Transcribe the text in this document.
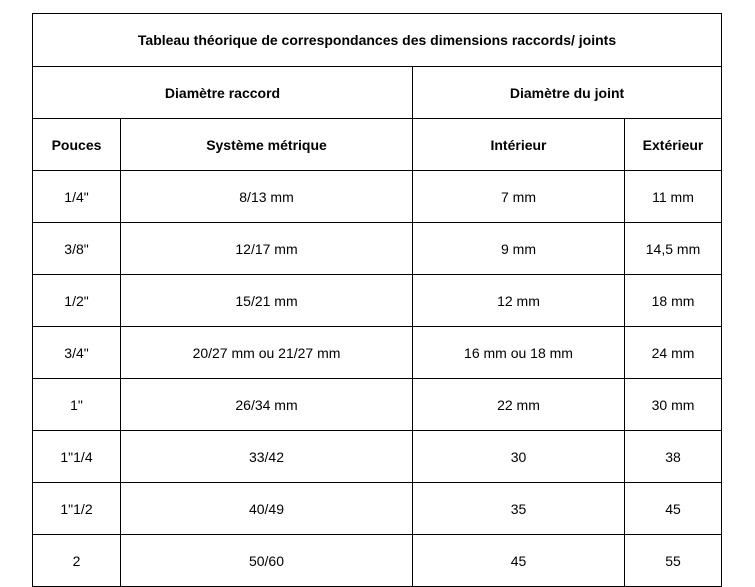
Tableau théorique de correspondances des dimensions raccords/ joints			
Diamètre raccord		Diamètre du joint	
Pouces	Système métrique	Intérieur	Extérieur
1/4"	8/13 mm	7 mm	11 mm
3/8"	12/17 mm	9 mm	14,5 mm
1/2"	15/21 mm	12 mm	18 mm
3/4"	20/27 mm ou 21/27 mm	16 mm ou 18 mm	24 mm
1"	26/34 mm	22 mm	30 mm
1"1/4	33/42	30	38
1"1/2	40/49	35	45
2	50/60	45	55
